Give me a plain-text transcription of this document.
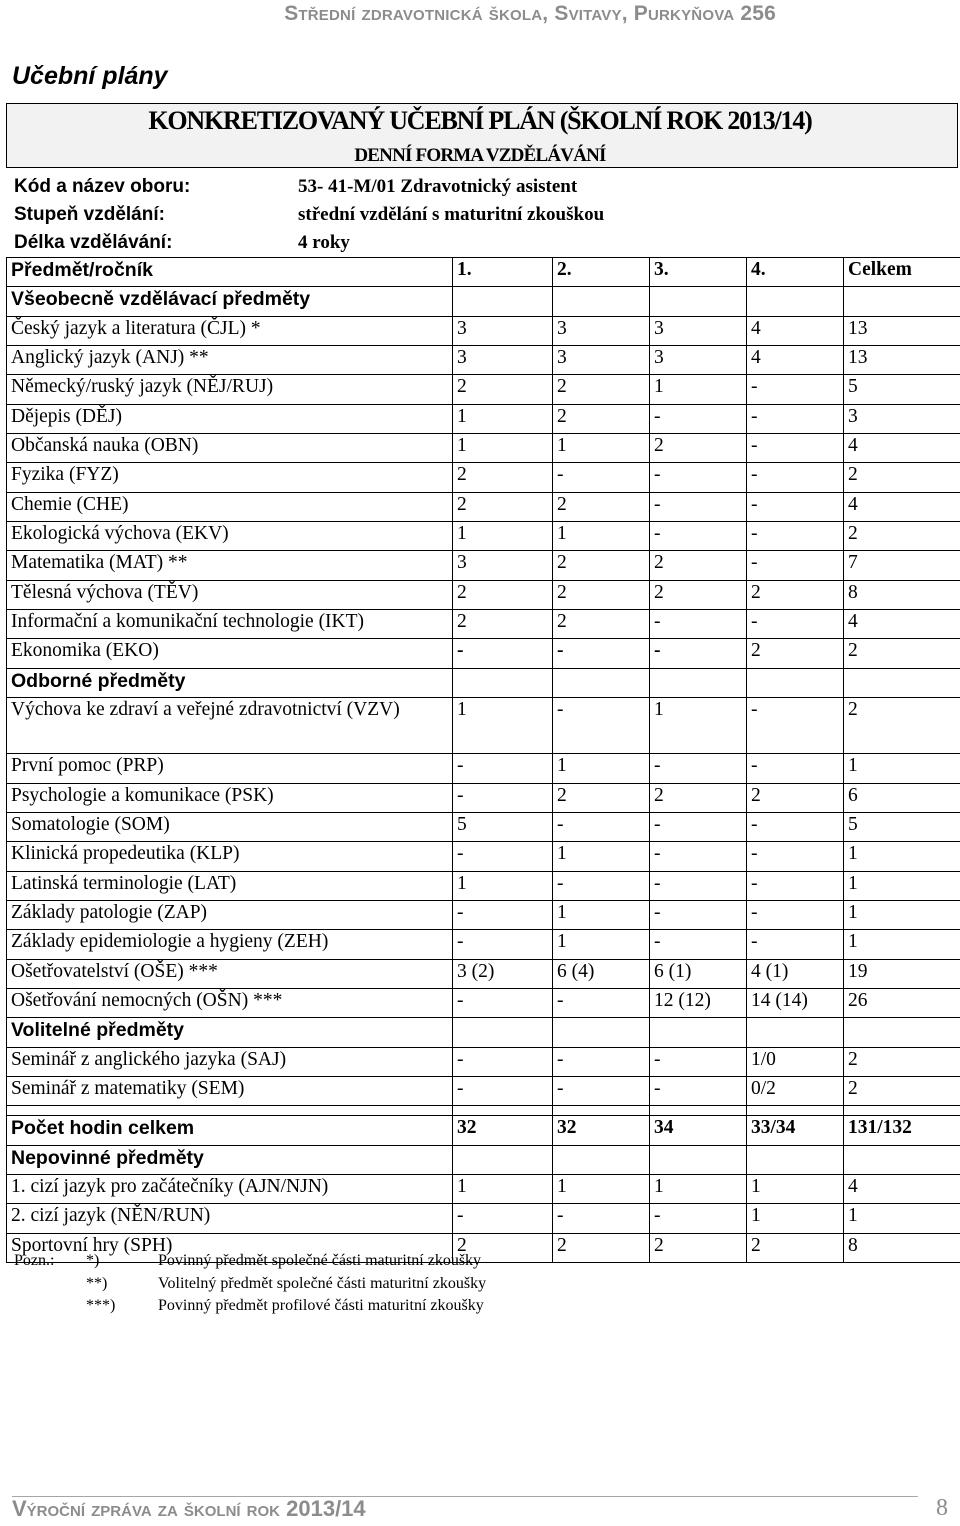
Střední zdravotnická škola, Svitavy, Purkyňova 256
Učební plány
KONKRETIZOVANÝ UČEBNÍ PLÁN (ŠKOLNÍ ROK 2013/14)
DENNÍ FORMA VZDĚLÁVÁNÍ
Kód a název oboru:	53- 41-M/01 Zdravotnický asistent
Stupeň vzdělání:	střední vzdělání s maturitní zkouškou
Délka vzdělávání:	4 roky
Předmět/ročník	1.	2.	3.	4.	Celkem
Všeobecně vzdělávací předměty					
Český jazyk a literatura (ČJL) *	3	3	3	4	13
Anglický jazyk (ANJ) **	3	3	3	4	13
Německý/ruský jazyk (NĚJ/RUJ)	2	2	1	-	5
Dějepis (DĚJ)	1	2	-	-	3
Občanská nauka (OBN)	1	1	2	-	4
Fyzika (FYZ)	2	-	-	-	2
Chemie (CHE)	2	2	-	-	4
Ekologická výchova (EKV)	1	1	-	-	2
Matematika (MAT) **	3	2	2	-	7
Tělesná výchova (TĚV)	2	2	2	2	8
Informační a komunikační technologie (IKT)	2	2	-	-	4
Ekonomika (EKO)	-	-	-	2	2
Odborné předměty					
Výchova ke zdraví a veřejné zdravotnictví (VZV)	1	-	1	-	2
První pomoc (PRP)	-	1	-	-	1
Psychologie a komunikace (PSK)	-	2	2	2	6
Somatologie (SOM)	5	-	-	-	5
Klinická propedeutika (KLP)	-	1	-	-	1
Latinská terminologie (LAT)	1	-	-	-	1
Základy patologie (ZAP)	-	1	-	-	1
Základy epidemiologie a hygieny (ZEH)	-	1	-	-	1
Ošetřovatelství (OŠE) ***	3 (2)	6 (4)	6 (1)	4 (1)	19
Ošetřování nemocných (OŠN) ***	-	-	12 (12)	14 (14)	26
Volitelné předměty					
Seminář z anglického jazyka (SAJ)	-	-	-	1/0	2
Seminář z matematiky (SEM)	-	-	-	0/2	2

Počet hodin celkem	32	32	34	33/34	131/132
Nepovinné předměty					
1. cizí jazyk pro začátečníky (AJN/NJN)	1	1	1	1	4
2. cizí jazyk (NĚN/RUN)	-	-	-	1	1
Sportovní hry (SPH)	2	2	2	2	8
Pozn.: *)	Povinný předmět společné části maturitní zkoušky
**)	Volitelný předmět společné části maturitní zkoušky
***)	Povinný předmět profilové části maturitní zkoušky
Výroční zpráva za školní rok 2013/14	8
